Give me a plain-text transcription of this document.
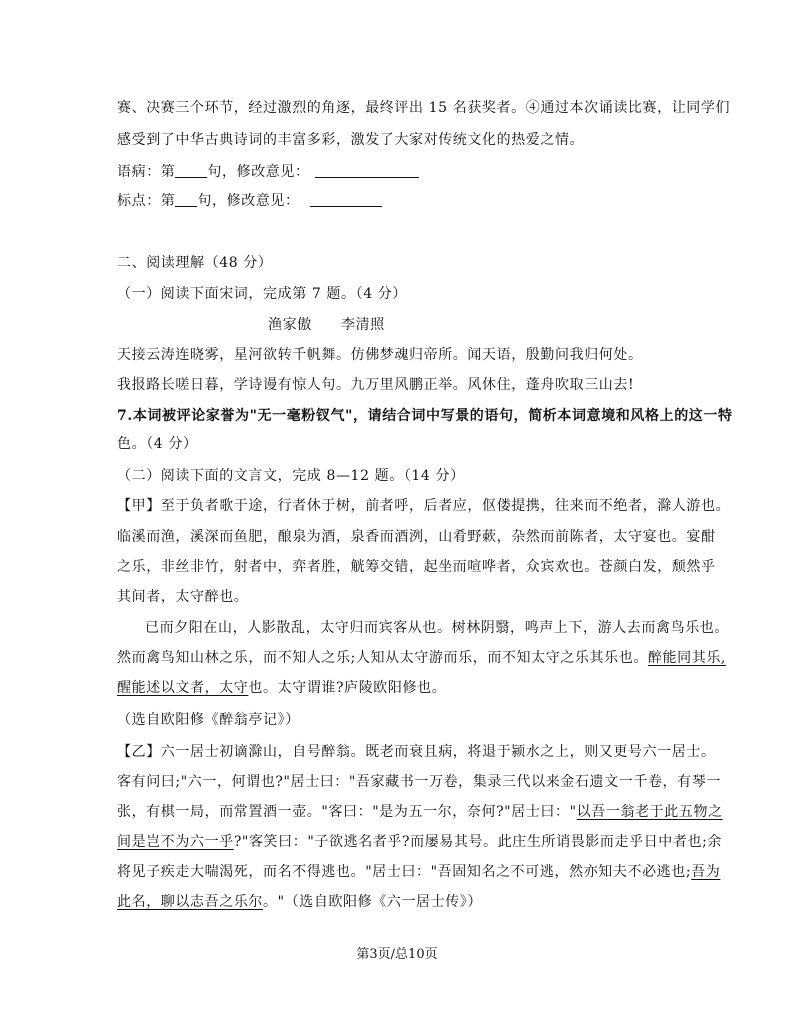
赛、决赛三个环节，经过激烈的角逐，最终评出 15 名获奖者。④通过本次诵读比赛，让同学们
感受到了中华古典诗词的丰富多彩，激发了大家对传统文化的热爱之情。
语病：第 句，修改意见：
标点：第 句，修改意见：
二、阅读理解（48 分）
（一）阅读下面宋词，完成第 7 题。（4 分）
渔家傲　　李清照
天接云涛连晓雾，星河欲转千帆舞。仿佛梦魂归帝所。闻天语，殷勤问我归何处。
我报路长嗟日暮，学诗谩有惊人句。九万里风鹏正举。风休住，蓬舟吹取三山去!
7.本词被评论家誉为"无一毫粉钗气"，请结合词中写景的语句，简析本词意境和风格上的这一特
色。（4 分）
（二）阅读下面的文言文，完成 8—12 题。（14 分）
【甲】至于负者歌于途，行者休于树，前者呼，后者应，伛偻提携，往来而不绝者，滁人游也。
临溪而渔，溪深而鱼肥，酿泉为酒，泉香而酒洌，山肴野蔌，杂然而前陈者，太守宴也。宴酣
之乐，非丝非竹，射者中，弈者胜，觥筹交错，起坐而喧哗者，众宾欢也。苍颜白发，颓然乎
其间者，太守醉也。
已而夕阳在山，人影散乱，太守归而宾客从也。树林阴翳，鸣声上下，游人去而禽鸟乐也。
然而禽鸟知山林之乐，而不知人之乐;人知从太守游而乐，而不知太守之乐其乐也。醉能同其乐,
醒能述以文者，太守也。太守谓谁?庐陵欧阳修也。
（选自欧阳修《醉翁亭记》）
【乙】六一居士初谪滁山，自号醉翁。既老而衰且病，将退于颍水之上，则又更号六一居士。
客有问曰;"六一，何谓也?"居士曰："吾家藏书一万卷，集录三代以来金石遗文一千卷，有琴一
张，有棋一局，而常置酒一壶。"客曰："是为五一尔，奈何?"居士曰："以吾一翁老于此五物之
间是岂不为六一乎?"客笑曰："子欲逃名者乎?而屡易其号。此庄生所诮畏影而走乎日中者也;余
将见子疾走大喘渴死，而名不得逃也。"居士曰："吾固知名之不可逃，然亦知夫不必逃也;吾为
此名，聊以志吾之乐尔。"（选自欧阳修《六一居士传》）
第3页/总10页
